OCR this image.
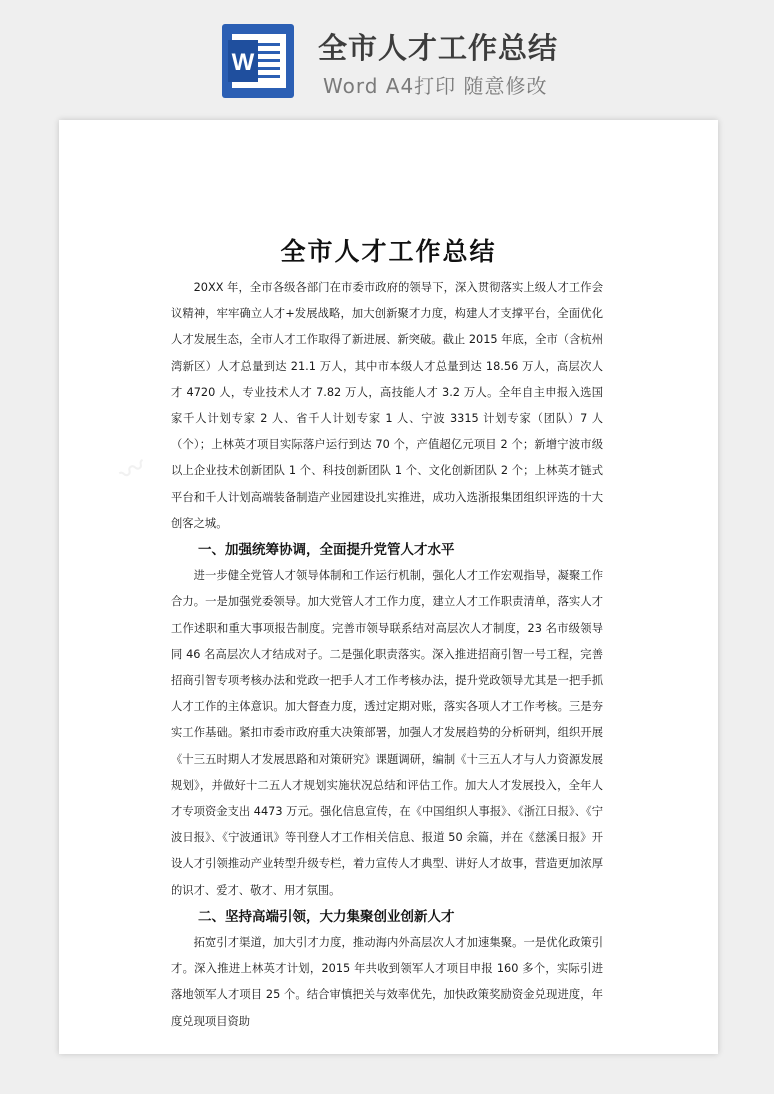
W 全市人才工作总结
Word A4打印 随意修改
〰
全市人才工作总结

20XX 年，全市各级各部门在市委市政府的领导下，深入贯彻落实上级人才工作会议精神，牢牢确立人才+发展战略，加大创新聚才力度，构建人才支撑平台，全面优化人才发展生态，全市人才工作取得了新进展、新突破。截止 2015 年底，全市（含杭州湾新区）人才总量到达 21.1 万人，其中市本级人才总量到达 18.56 万人，高层次人才 4720 人，专业技术人才 7.82 万人，高技能人才 3.2 万人。全年自主申报入选国家千人计划专家 2 人、省千人计划专家 1 人、宁波 3315 计划专家（团队）7 人（个）；上林英才项目实际落户运行到达 70 个，产值超亿元项目 2 个；新增宁波市级以上企业技术创新团队 1 个、科技创新团队 1 个、文化创新团队 2 个；上林英才链式平台和千人计划高端装备制造产业园建设扎实推进，成功入选浙报集团组织评选的十大创客之城。

一、加强统筹协调，全面提升党管人才水平

进一步健全党管人才领导体制和工作运行机制，强化人才工作宏观指导，凝聚工作合力。一是加强党委领导。加大党管人才工作力度，建立人才工作职责清单，落实人才工作述职和重大事项报告制度。完善市领导联系结对高层次人才制度，23 名市级领导同 46 名高层次人才结成对子。二是强化职责落实。深入推进招商引智一号工程，完善招商引智专项考核办法和党政一把手人才工作考核办法，提升党政领导尤其是一把手抓人才工作的主体意识。加大督查力度，透过定期对账，落实各项人才工作考核。三是夯实工作基础。紧扣市委市政府重大决策部署，加强人才发展趋势的分析研判，组织开展《十三五时期人才发展思路和对策研究》课题调研，编制《十三五人才与人力资源发展规划》，并做好十二五人才规划实施状况总结和评估工作。加大人才发展投入，全年人才专项资金支出 4473 万元。强化信息宣传，在《中国组织人事报》、《浙江日报》、《宁波日报》、《宁波通讯》等刊登人才工作相关信息、报道 50 余篇，并在《慈溪日报》开设人才引领推动产业转型升级专栏，着力宣传人才典型、讲好人才故事，营造更加浓厚的识才、爱才、敬才、用才氛围。

二、坚持高端引领，大力集聚创业创新人才

拓宽引才渠道，加大引才力度，推动海内外高层次人才加速集聚。一是优化政策引才。深入推进上林英才计划，2015 年共收到领军人才项目申报 160 多个，实际引进落地领军人才项目 25 个。结合审慎把关与效率优先，加快政策奖励资金兑现进度，年度兑现项目资助
